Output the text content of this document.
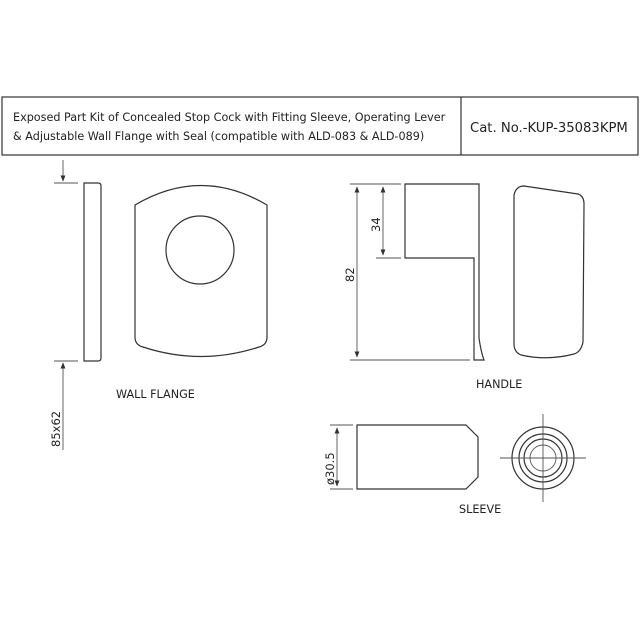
Exposed Part Kit of Concealed Stop Cock with Fitting Sleeve, Operating Lever
& Adjustable Wall Flange with Seal (compatible with ALD-083 & ALD-089)
Cat. No.-KUP-35083KPM
85x62
WALL FLANGE
82
34
HANDLE
ø30.5
SLEEVE
